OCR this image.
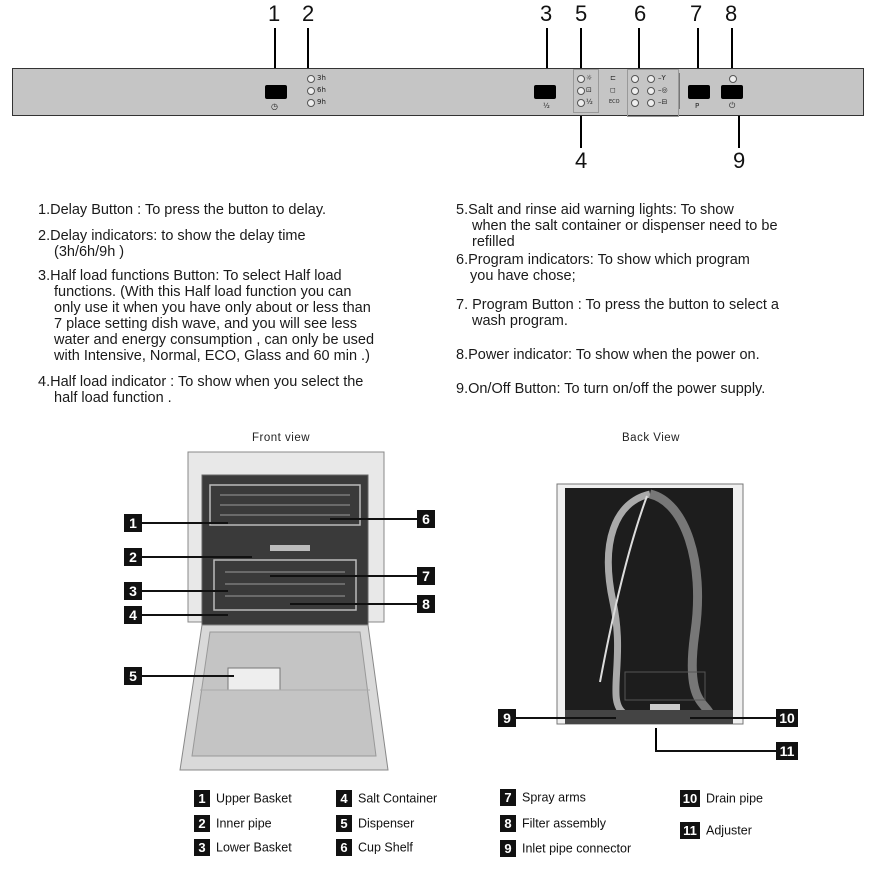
1 2	3 5 6 7 8
4	9
◷
3h
6h
9h	½
☼
⊡
½
⊏
◻
ECO
–Y
–◎
–⊟	P	⏻
1.Delay Button : To press the button to delay.
2.Delay indicators: to show the delay time
(3h/6h/9h )
3.Half load functions Button: To select Half load
functions. (With this Half load function you can
only use it when you have only about or less than
7 place setting dish wave, and you will see less
water and energy consumption , can only be used
with Intensive, Normal, ECO, Glass and 60 min .)
4.Half load indicator : To show when you select the
half load function .
5.Salt and rinse aid warning lights: To show
when the salt container or dispenser need to be
refilled
6.Program indicators: To show which program
you have chose;
7. Program Button : To press the button to select a
wash program.
8.Power indicator: To show when the power on.
9.On/Off Button: To turn on/off the power supply.
Front view
1
2
3
4
5
6
7
8
Back View
9	10
11
1 Upper Basket
2 Inner pipe
3 Lower Basket
4 Salt Container
5 Dispenser
6 Cup Shelf
7 Spray arms
8 Filter assembly
9 Inlet pipe connector
10 Drain pipe
11 Adjuster
